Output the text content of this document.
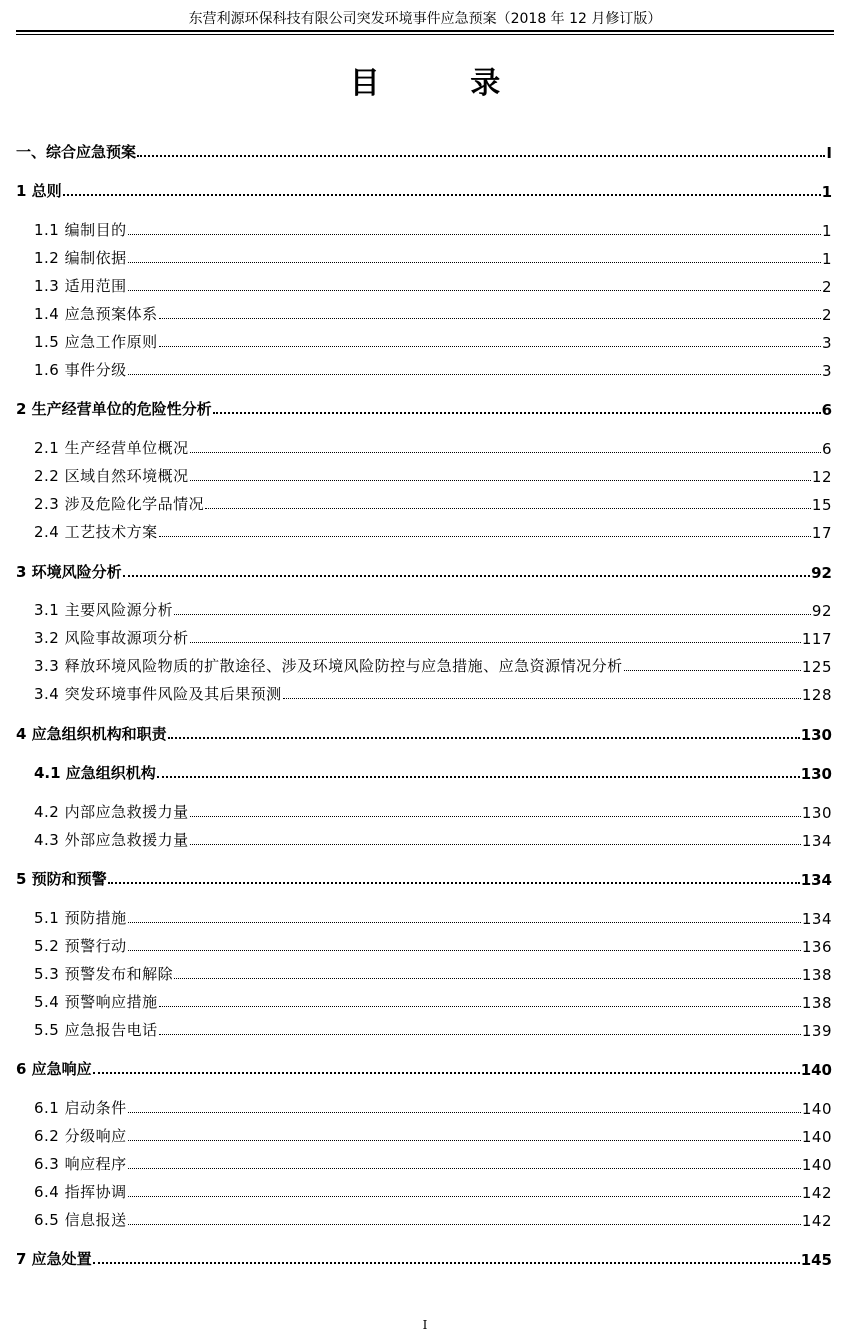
东营利源环保科技有限公司突发环境事件应急预案（2018 年 12 月修订版）
目 录
一、综合应急预案	I
1 总则	1
1.1 编制目的	1
1.2 编制依据	1
1.3 适用范围	2
1.4 应急预案体系	2
1.5 应急工作原则	3
1.6 事件分级	3
2 生产经营单位的危险性分析	6
2.1 生产经营单位概况	6
2.2 区域自然环境概况	12
2.3 涉及危险化学品情况	15
2.4 工艺技术方案	17
3 环境风险分析	92
3.1 主要风险源分析	92
3.2 风险事故源项分析	117
3.3 释放环境风险物质的扩散途径、涉及环境风险防控与应急措施、应急资源情况分析	125
3.4 突发环境事件风险及其后果预测	128
4 应急组织机构和职责	130
4.1 应急组织机构	130
4.2 内部应急救援力量	130
4.3 外部应急救援力量	134
5 预防和预警	134
5.1 预防措施	134
5.2 预警行动	136
5.3 预警发布和解除	138
5.4 预警响应措施	138
5.5 应急报告电话	139
6 应急响应	140
6.1 启动条件	140
6.2 分级响应	140
6.3 响应程序	140
6.4 指挥协调	142
6.5 信息报送	142
7 应急处置	145
I
